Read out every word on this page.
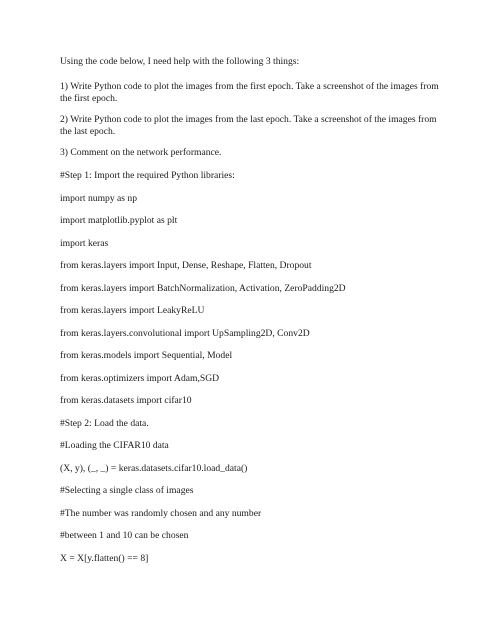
Using the code below, I need help with the following 3 things:
1) Write Python code to plot the images from the first epoch. Take a screenshot of the images from the first epoch.
2) Write Python code to plot the images from the last epoch. Take a screenshot of the images from the last epoch.
3) Comment on the network performance.
#Step 1: Import the required Python libraries:
import numpy as np
import matplotlib.pyplot as plt
import keras
from keras.layers import Input, Dense, Reshape, Flatten, Dropout
from keras.layers import BatchNormalization, Activation, ZeroPadding2D
from keras.layers import LeakyReLU
from keras.layers.convolutional import UpSampling2D, Conv2D
from keras.models import Sequential, Model
from keras.optimizers import Adam,SGD
from keras.datasets import cifar10
#Step 2: Load the data.
#Loading the CIFAR10 data
(X, y), (_, _) = keras.datasets.cifar10.load_data()
#Selecting a single class of images
#The number was randomly chosen and any number
#between 1 and 10 can be chosen
X = X[y.flatten() == 8]
